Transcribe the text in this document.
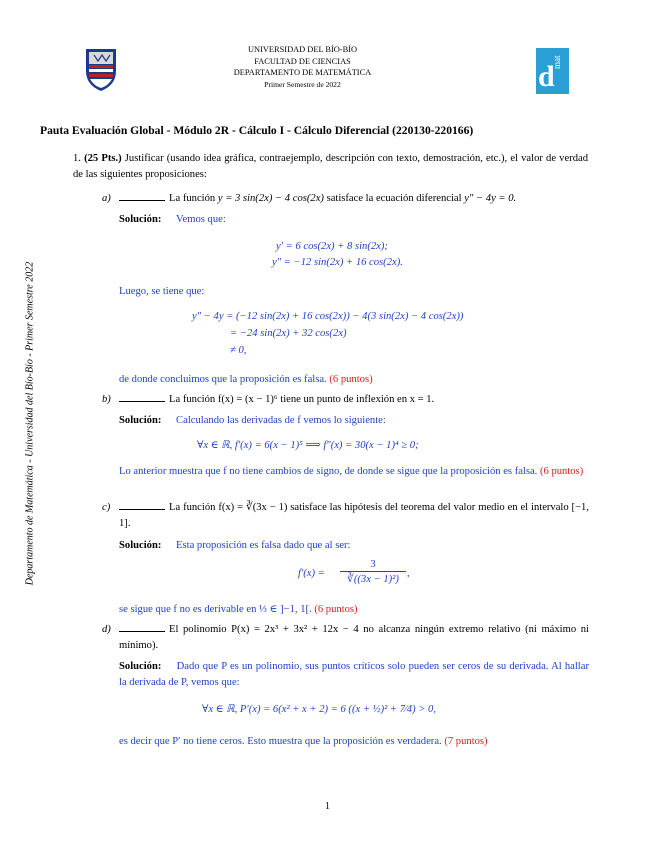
Departamento de Matemática - Universidad del Bío-Bío - Primer Semestre 2022
UNIVERSIDAD DEL BÍO-BÍO
FACULTAD DE CIENCIAS
DEPARTAMENTO DE MATEMÁTICA
Primer Semestre de 2022	d
mat
Pauta Evaluación Global - Módulo 2R - Cálculo I - Cálculo Diferencial (220130-220166)
1. (25 Pts.) Justificar (usando idea gráfica, contraejemplo, descripción con texto, demostración, etc.), el valor de verdad de las siguientes proposiciones:
a)	La función y = 3 sin(2x) − 4 cos(2x) satisface la ecuación diferencial y″ − 4y = 0.
Solución: Vemos que:
y′ = 6 cos(2x) + 8 sin(2x);
y″ = −12 sin(2x) + 16 cos(2x).
Luego, se tiene que:
y″ − 4y = (−12 sin(2x) + 16 cos(2x)) − 4(3 sin(2x) − 4 cos(2x))
= −24 sin(2x) + 32 cos(2x)
≠ 0,
de donde concluimos que la proposición es falsa. (6 puntos)
b)	La función f(x) = (x − 1)⁶ tiene un punto de inflexión en x = 1.
Solución: Calculando las derivadas de f vemos lo siguiente:
∀x ∈ ℝ, f′(x) = 6(x − 1)⁵ ⟹ f″(x) = 30(x − 1)⁴ ≥ 0;
Lo anterior muestra que f no tiene cambios de signo, de donde se sigue que la proposición es falsa. (6 puntos)
c)	La función f(x) = ∛(3x − 1) satisface las hipótesis del teorema del valor medio en el intervalo [−1, 1].
Solución: Esta proposición es falsa dado que al ser:
$f'(x) = \frac{3}{\text{∛((3x − 1)²)}}$ ,
se sigue que f no es derivable en ⅓ ∈ ]−1, 1[. (6 puntos)
d)	El polinomio P(x) = 2x³ + 3x² + 12x − 4 no alcanza ningún extremo relativo (ni máximo ni mínimo).
Solución: Dado que P es un polinomio, sus puntos críticos solo pueden ser ceros de su derivada. Al hallar la derivada de P, vemos que:
∀x ∈ ℝ, P′(x) = 6(x² + x + 2) = 6 ((x + ½)² + 7⁄4) > 0,
es decir que P′ no tiene ceros. Esto muestra que la proposición es verdadera. (7 puntos)
1
